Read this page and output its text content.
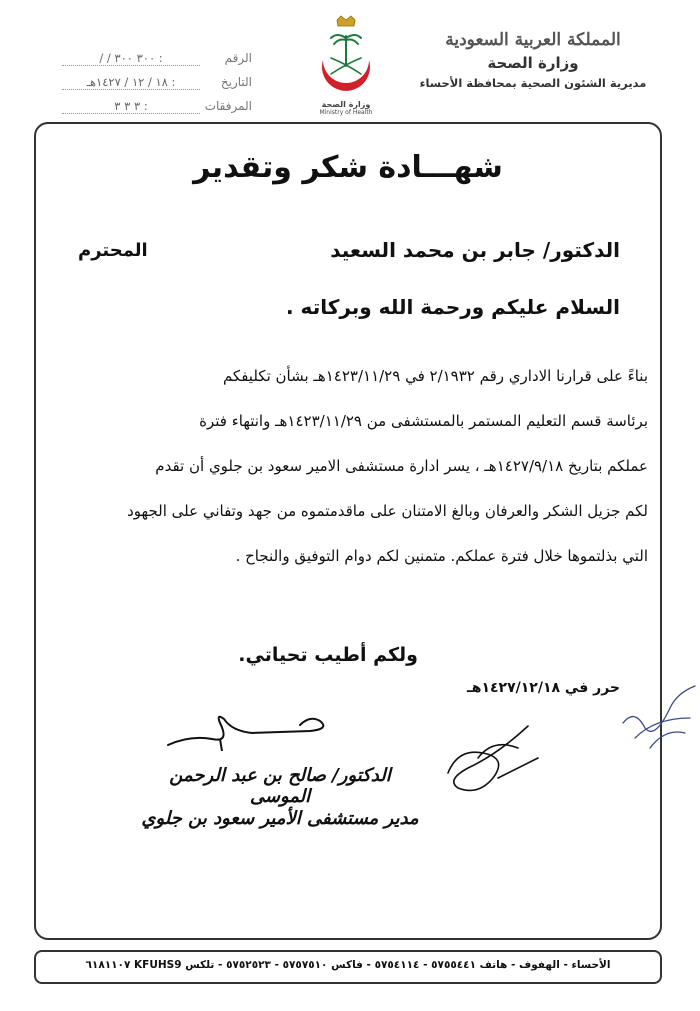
المملكة العربية السعودية
وزارة الصحة
مديرية الشئون الصحية بمحافظة الأحساء
وزارة الصحة
Ministry of Health
الرقم
: ٣٠٠ ٣٠٠ / /
التاريخ
: ١٨ / ١٢ / ١٤٢٧هـ
المرفقات
: ٣ ٣ ٣
شهـــادة شكر وتقدير
الدكتور/ جابر بن محمد السعيد
المحترم
السلام عليكم ورحمة الله وبركاته .
بناءً على قرارنا الاداري رقم ٢/١٩٣٢ في ١٤٢٣/١١/٢٩هـ بشأن تكليفكم
برئاسة قسم التعليم المستمر بالمستشفى من ١٤٢٣/١١/٢٩هـ وانتهاء فترة
عملكم بتاريخ ١٤٢٧/٩/١٨هـ ، يسر ادارة مستشفى الامير سعود بن جلوي أن تقدم
لكم جزيل الشكر والعرفان وبالغ الامتنان على ماقدمتموه من جهد وتفاني على الجهود
التي بذلتموها خلال فترة عملكم. متمنين لكم دوام التوفيق والنجاح .
ولكم أطيب تحياتي.
حرر في ١٤٢٧/١٢/١٨هـ
الدكتور/ صالح بن عبد الرحمن الموسى
مدير مستشفى الأمير سعود بن جلوي
الأحساء - الهفوف - هاتف ٥٧٥٥٤٤١ - ٥٧٥٤١١٤ - فاكس ٥٧٥٧٥١٠ - ٥٧٥٢٥٢٣ - تلكس KFUHS9 ٦١٨١١٠٧
